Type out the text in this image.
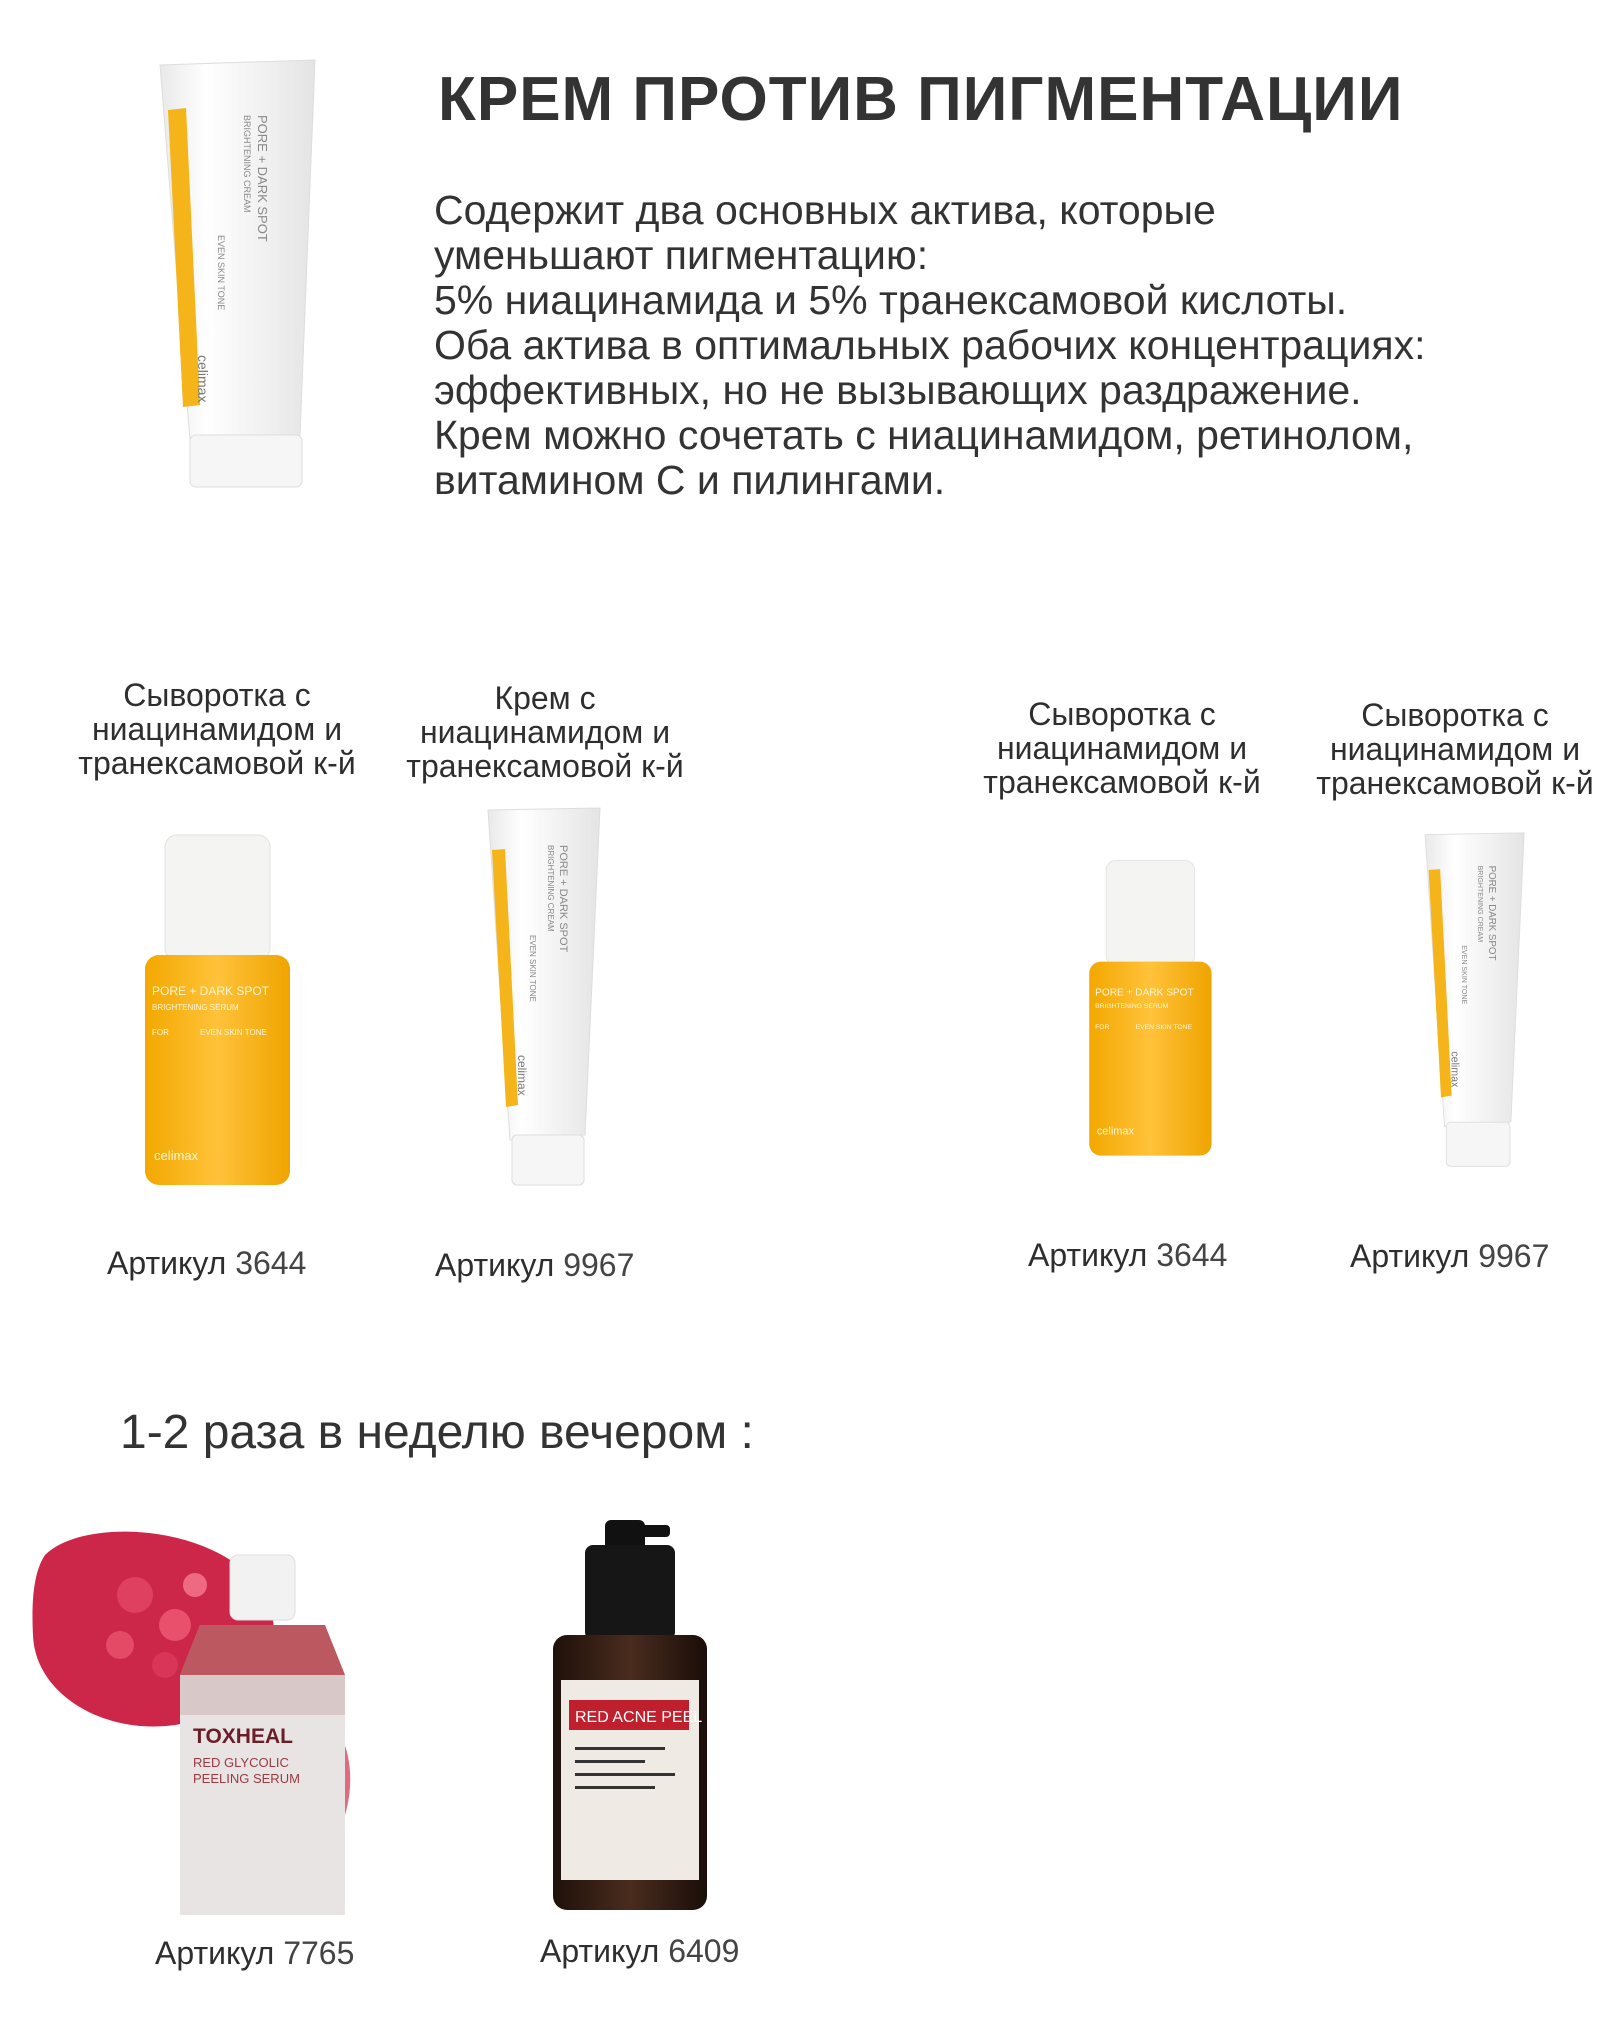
PORE + DARK SPOT
BRIGHTENING CREAM
EVEN SKIN TONE
celimax
КРЕМ ПРОТИВ ПИГМЕНТАЦИИ
Содержит два основных актива, которые
уменьшают пигментацию:
5% ниацинамида и 5% транексамовой кислоты.
Оба актива в оптимальных рабочих концентрациях:
эффективных, но не вызывающих раздражение.
Крем можно сочетать с ниацинамидом, ретинолом,
витамином С и пилингами.
Сыворотка с
ниацинамидом и
транексамовой к-й
PORE + DARK SPOT
BRIGHTENING SERUM
FOR	EVEN SKIN TONE
celimax
Артикул 3644
Крем с
ниацинамидом и
транексамовой к-й
PORE + DARK SPOT
BRIGHTENING CREAM
EVEN SKIN TONE
celimax
Артикул 9967
Сыворотка с
ниацинамидом и
транексамовой к-й
PORE + DARK SPOT
BRIGHTENING SERUM
FOR	EVEN SKIN TONE
celimax
Артикул 3644
Сыворотка с
ниацинамидом и
транексамовой к-й
PORE + DARK SPOT
BRIGHTENING CREAM
EVEN SKIN TONE
celimax
Артикул 9967
1-2 раза в неделю вечером :
TOXHEAL
RED GLYCOLIC
PEELING SERUM
Артикул 7765
RED ACNE PEEL
Артикул 6409
